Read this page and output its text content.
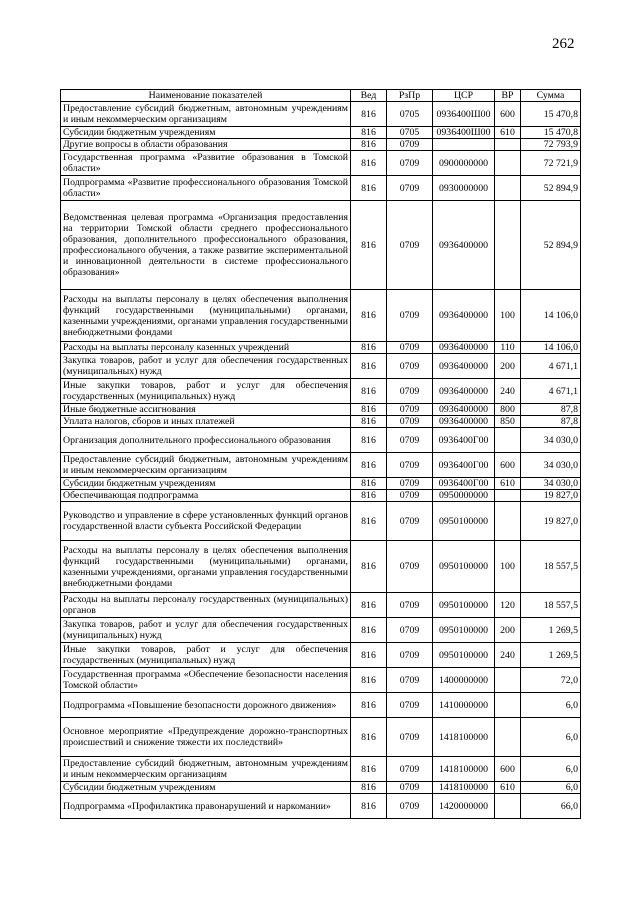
262
Наименование показателей	Вед	РзПр	ЦСР	ВР	Сумма
Предоставление субсидий бюджетным, автономным учреждениям и иным некоммерческим организациям	816	0705	0936400Ш00	600	15 470,8
Субсидии бюджетным учреждениям	816	0705	0936400Ш00	610	15 470,8
Другие вопросы в области образования	816	0709			72 793,9
Государственная программа «Развитие образования в Томской области»	816	0709	0900000000		72 721,9
Подпрограмма «Развитие профессионального образования Томской области»	816	0709	0930000000		52 894,9
Ведомственная целевая программа «Организация предоставления на территории Томской области среднего профессионального образования, дополнительного профессионального образования, профессионального обучения, а также развитие экспериментальной и инновационной деятельности в системе профессионального образования»	816	0709	0936400000		52 894,9
Расходы на выплаты персоналу в целях обеспечения выполнения функций государственными (муниципальными) органами, казенными учреждениями, органами управления государственными внебюджетными фондами	816	0709	0936400000	100	14 106,0
Расходы на выплаты персоналу казенных учреждений	816	0709	0936400000	110	14 106,0
Закупка товаров, работ и услуг для обеспечения государственных (муниципальных) нужд	816	0709	0936400000	200	4 671,1
Иные закупки товаров, работ и услуг для обеспечения государственных (муниципальных) нужд	816	0709	0936400000	240	4 671,1
Иные бюджетные ассигнования	816	0709	0936400000	800	87,8
Уплата налогов, сборов и иных платежей	816	0709	0936400000	850	87,8
Организация дополнительного профессионального образования	816	0709	0936400Г00		34 030,0
Предоставление субсидий бюджетным, автономным учреждениям и иным некоммерческим организациям	816	0709	0936400Г00	600	34 030,0
Субсидии бюджетным учреждениям	816	0709	0936400Г00	610	34 030,0
Обеспечивающая подпрограмма	816	0709	0950000000		19 827,0
Руководство и управление в сфере установленных функций органов государственной власти субъекта Российской Федерации	816	0709	0950100000		19 827,0
Расходы на выплаты персоналу в целях обеспечения выполнения функций государственными (муниципальными) органами, казенными учреждениями, органами управления государственными внебюджетными фондами	816	0709	0950100000	100	18 557,5
Расходы на выплаты персоналу государственных (муниципальных) органов	816	0709	0950100000	120	18 557,5
Закупка товаров, работ и услуг для обеспечения государственных (муниципальных) нужд	816	0709	0950100000	200	1 269,5
Иные закупки товаров, работ и услуг для обеспечения государственных (муниципальных) нужд	816	0709	0950100000	240	1 269,5
Государственная программа «Обеспечение безопасности населения Томской области»	816	0709	1400000000		72,0
Подпрограмма «Повышение безопасности дорожного движения»	816	0709	1410000000		6,0
Основное мероприятие «Предупреждение дорожно-транспортных происшествий и снижение тяжести их последствий»	816	0709	1418100000		6,0
Предоставление субсидий бюджетным, автономным учреждениям и иным некоммерческим организациям	816	0709	1418100000	600	6,0
Субсидии бюджетным учреждениям	816	0709	1418100000	610	6,0
Подпрограмма «Профилактика правонарушений и наркомании»	816	0709	1420000000		66,0
